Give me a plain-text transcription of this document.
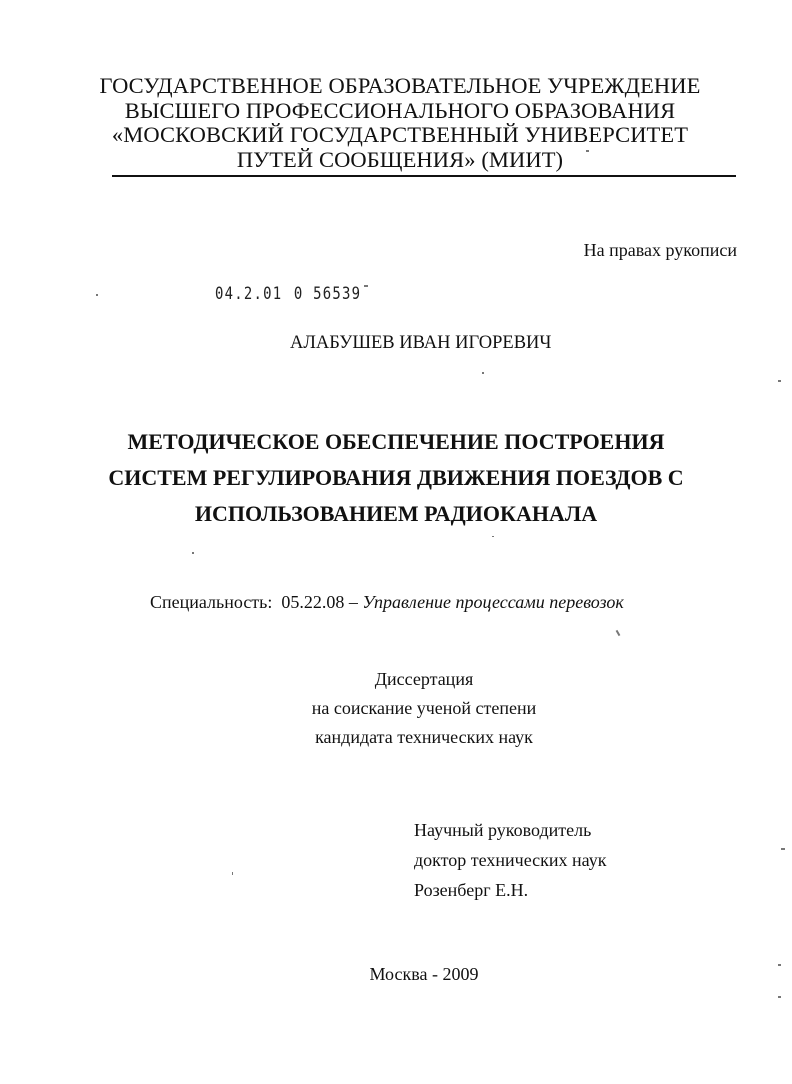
ГОСУДАРСТВЕННОЕ ОБРАЗОВАТЕЛЬНОЕ УЧРЕЖДЕНИЕ
ВЫСШЕГО ПРОФЕССИОНАЛЬНОГО ОБРАЗОВАНИЯ
«МОСКОВСКИЙ ГОСУДАРСТВЕННЫЙ УНИВЕРСИТЕТ
ПУТЕЙ СООБЩЕНИЯ» (МИИТ)
На правах рукописи
04.2.01 0 56539
АЛАБУШЕВ ИВАН ИГОРЕВИЧ
МЕТОДИЧЕСКОЕ ОБЕСПЕЧЕНИЕ ПОСТРОЕНИЯ
СИСТЕМ РЕГУЛИРОВАНИЯ ДВИЖЕНИЯ ПОЕЗДОВ С
ИСПОЛЬЗОВАНИЕМ РАДИОКАНАЛА
Специальность: 05.22.08 – Управление процессами перевозок
Диссертация
на соискание ученой степени
кандидата технических наук
Научный руководитель
доктор технических наук
Розенберг Е.Н.
Москва - 2009
